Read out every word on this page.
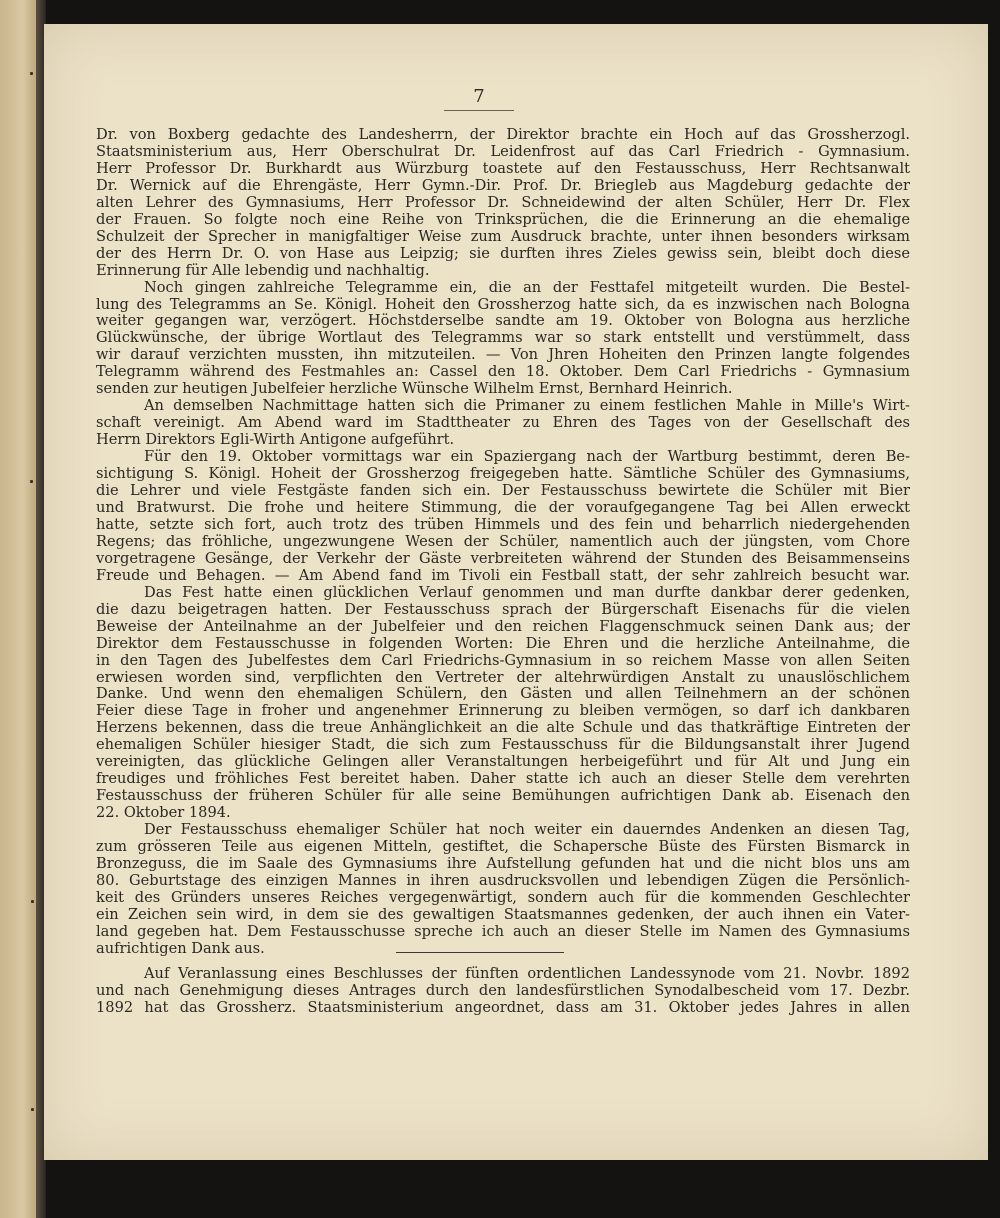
7
Dr. von Boxberg gedachte des Landesherrn, der Direktor brachte ein Hoch auf das Grossherzogl.
Staatsministerium aus, Herr Oberschulrat Dr. Leidenfrost auf das Carl Friedrich - Gymnasium.
Herr Professor Dr. Burkhardt aus Würzburg toastete auf den Festausschuss, Herr Rechtsanwalt
Dr. Wernick auf die Ehrengäste, Herr Gymn.-Dir. Prof. Dr. Briegleb aus Magdeburg gedachte der
alten Lehrer des Gymnasiums, Herr Professor Dr. Schneidewind der alten Schüler, Herr Dr. Flex
der Frauen. So folgte noch eine Reihe von Trinksprüchen, die die Erinnerung an die ehemalige
Schulzeit der Sprecher in manigfaltiger Weise zum Ausdruck brachte, unter ihnen besonders wirksam
der des Herrn Dr. O. von Hase aus Leipzig; sie durften ihres Zieles gewiss sein, bleibt doch diese
Erinnerung für Alle lebendig und nachhaltig.
Noch gingen zahlreiche Telegramme ein, die an der Festtafel mitgeteilt wurden. Die Bestel-
lung des Telegramms an Se. Königl. Hoheit den Grossherzog hatte sich, da es inzwischen nach Bologna
weiter gegangen war, verzögert. Höchstderselbe sandte am 19. Oktober von Bologna aus herzliche
Glückwünsche, der übrige Wortlaut des Telegramms war so stark entstellt und verstümmelt, dass
wir darauf verzichten mussten, ihn mitzuteilen. — Von Jhren Hoheiten den Prinzen langte folgendes
Telegramm während des Festmahles an: Cassel den 18. Oktober. Dem Carl Friedrichs - Gymnasium
senden zur heutigen Jubelfeier herzliche Wünsche Wilhelm Ernst, Bernhard Heinrich.
An demselben Nachmittage hatten sich die Primaner zu einem festlichen Mahle in Mille's Wirt-
schaft vereinigt. Am Abend ward im Stadttheater zu Ehren des Tages von der Gesellschaft des
Herrn Direktors Egli-Wirth Antigone aufgeführt.
Für den 19. Oktober vormittags war ein Spaziergang nach der Wartburg bestimmt, deren Be-
sichtigung S. Königl. Hoheit der Grossherzog freigegeben hatte. Sämtliche Schüler des Gymnasiums,
die Lehrer und viele Festgäste fanden sich ein. Der Festausschuss bewirtete die Schüler mit Bier
und Bratwurst. Die frohe und heitere Stimmung, die der voraufgegangene Tag bei Allen erweckt
hatte, setzte sich fort, auch trotz des trüben Himmels und des fein und beharrlich niedergehenden
Regens; das fröhliche, ungezwungene Wesen der Schüler, namentlich auch der jüngsten, vom Chore
vorgetragene Gesänge, der Verkehr der Gäste verbreiteten während der Stunden des Beisammenseins
Freude und Behagen. — Am Abend fand im Tivoli ein Festball statt, der sehr zahlreich besucht war.
Das Fest hatte einen glücklichen Verlauf genommen und man durfte dankbar derer gedenken,
die dazu beigetragen hatten. Der Festausschuss sprach der Bürgerschaft Eisenachs für die vielen
Beweise der Anteilnahme an der Jubelfeier und den reichen Flaggenschmuck seinen Dank aus; der
Direktor dem Festausschusse in folgenden Worten: Die Ehren und die herzliche Anteilnahme, die
in den Tagen des Jubelfestes dem Carl Friedrichs-Gymnasium in so reichem Masse von allen Seiten
erwiesen worden sind, verpflichten den Vertreter der altehrwürdigen Anstalt zu unauslöschlichem
Danke. Und wenn den ehemaligen Schülern, den Gästen und allen Teilnehmern an der schönen
Feier diese Tage in froher und angenehmer Erinnerung zu bleiben vermögen, so darf ich dankbaren
Herzens bekennen, dass die treue Anhänglichkeit an die alte Schule und das thatkräftige Eintreten der
ehemaligen Schüler hiesiger Stadt, die sich zum Festausschuss für die Bildungsanstalt ihrer Jugend
vereinigten, das glückliche Gelingen aller Veranstaltungen herbeigeführt und für Alt und Jung ein
freudiges und fröhliches Fest bereitet haben. Daher statte ich auch an dieser Stelle dem verehrten
Festausschuss der früheren Schüler für alle seine Bemühungen aufrichtigen Dank ab. Eisenach den
22. Oktober 1894.
Der Festausschuss ehemaliger Schüler hat noch weiter ein dauerndes Andenken an diesen Tag,
zum grösseren Teile aus eigenen Mitteln, gestiftet, die Schapersche Büste des Fürsten Bismarck in
Bronzeguss, die im Saale des Gymnasiums ihre Aufstellung gefunden hat und die nicht blos uns am
80. Geburtstage des einzigen Mannes in ihren ausdrucksvollen und lebendigen Zügen die Persönlich-
keit des Gründers unseres Reiches vergegenwärtigt, sondern auch für die kommenden Geschlechter
ein Zeichen sein wird, in dem sie des gewaltigen Staatsmannes gedenken, der auch ihnen ein Vater-
land gegeben hat. Dem Festausschusse spreche ich auch an dieser Stelle im Namen des Gymnasiums
aufrichtigen Dank aus.
Auf Veranlassung eines Beschlusses der fünften ordentlichen Landessynode vom 21. Novbr. 1892
und nach Genehmigung dieses Antrages durch den landesfürstlichen Synodalbescheid vom 17. Dezbr.
1892 hat das Grossherz. Staatsministerium angeordnet, dass am 31. Oktober jedes Jahres in allen
